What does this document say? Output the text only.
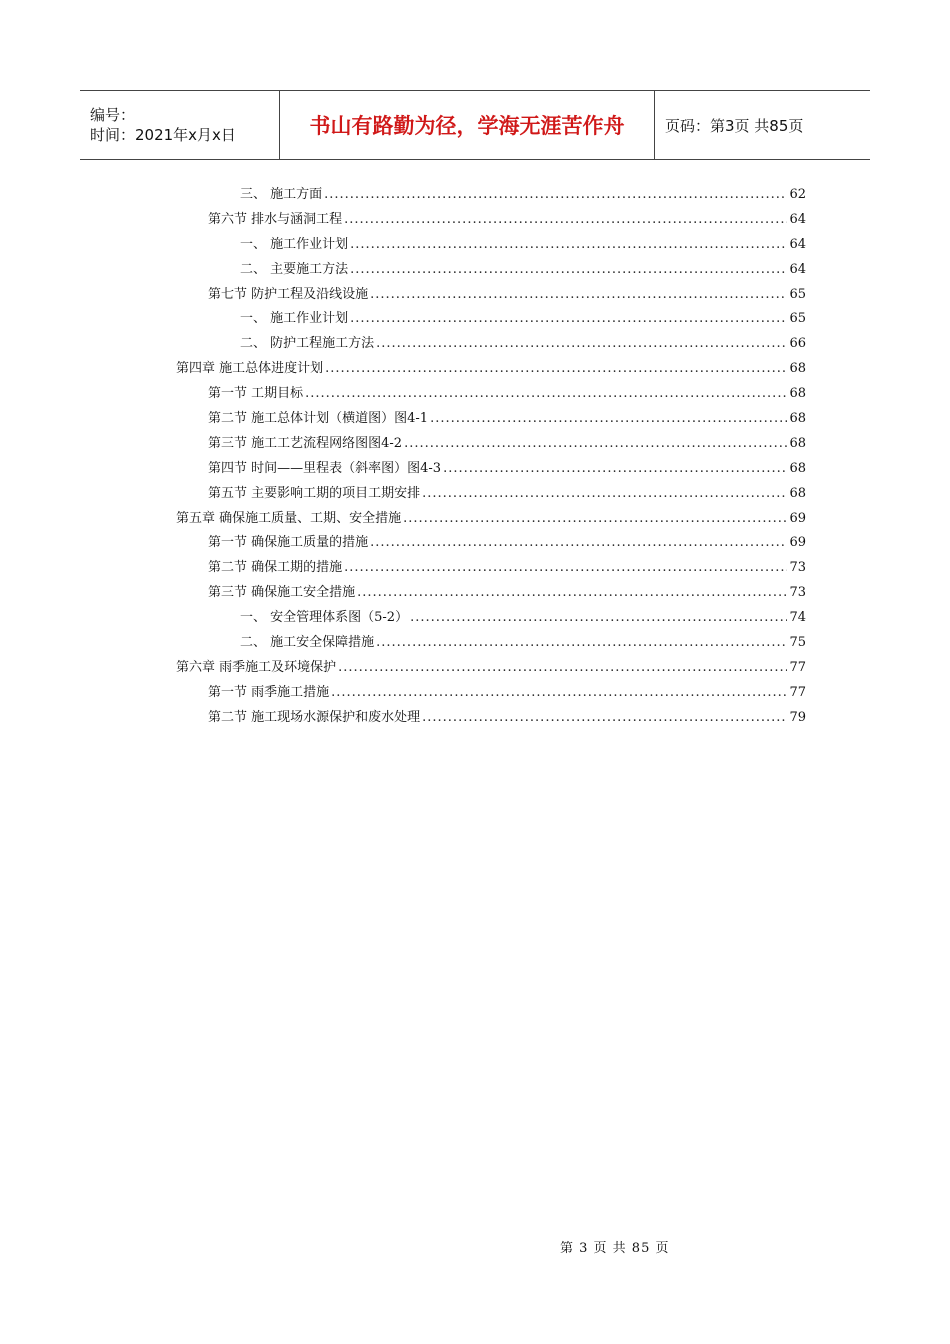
编号：
时间：2021年x月x日	书山有路勤为径，学海无涯苦作舟	页码：第3页 共85页
三、 施工方面 .....	62
第六节 排水与涵洞工程 .....	64
一、 施工作业计划 .....	64
二、 主要施工方法 .....	64
第七节 防护工程及沿线设施 .....	65
一、 施工作业计划 .....	65
二、 防护工程施工方法 .....	66
第四章 施工总体进度计划 .....	68
第一节 工期目标 .....	68
第二节 施工总体计划（横道图）图4-1 .....	68
第三节 施工工艺流程网络图图4-2 .....	68
第四节 时间——里程表（斜率图）图4-3 .....	68
第五节 主要影响工期的项目工期安排 .....	68
第五章 确保施工质量、工期、安全措施 .....	69
第一节 确保施工质量的措施 .....	69
第二节 确保工期的措施 .....	73
第三节 确保施工安全措施 .....	73
一、 安全管理体系图（5-2） .....	74
二、 施工安全保障措施 .....	75
第六章 雨季施工及环境保护 .....	77
第一节 雨季施工措施 .....	77
第二节 施工现场水源保护和废水处理 .....	79
第 3 页 共 85 页
